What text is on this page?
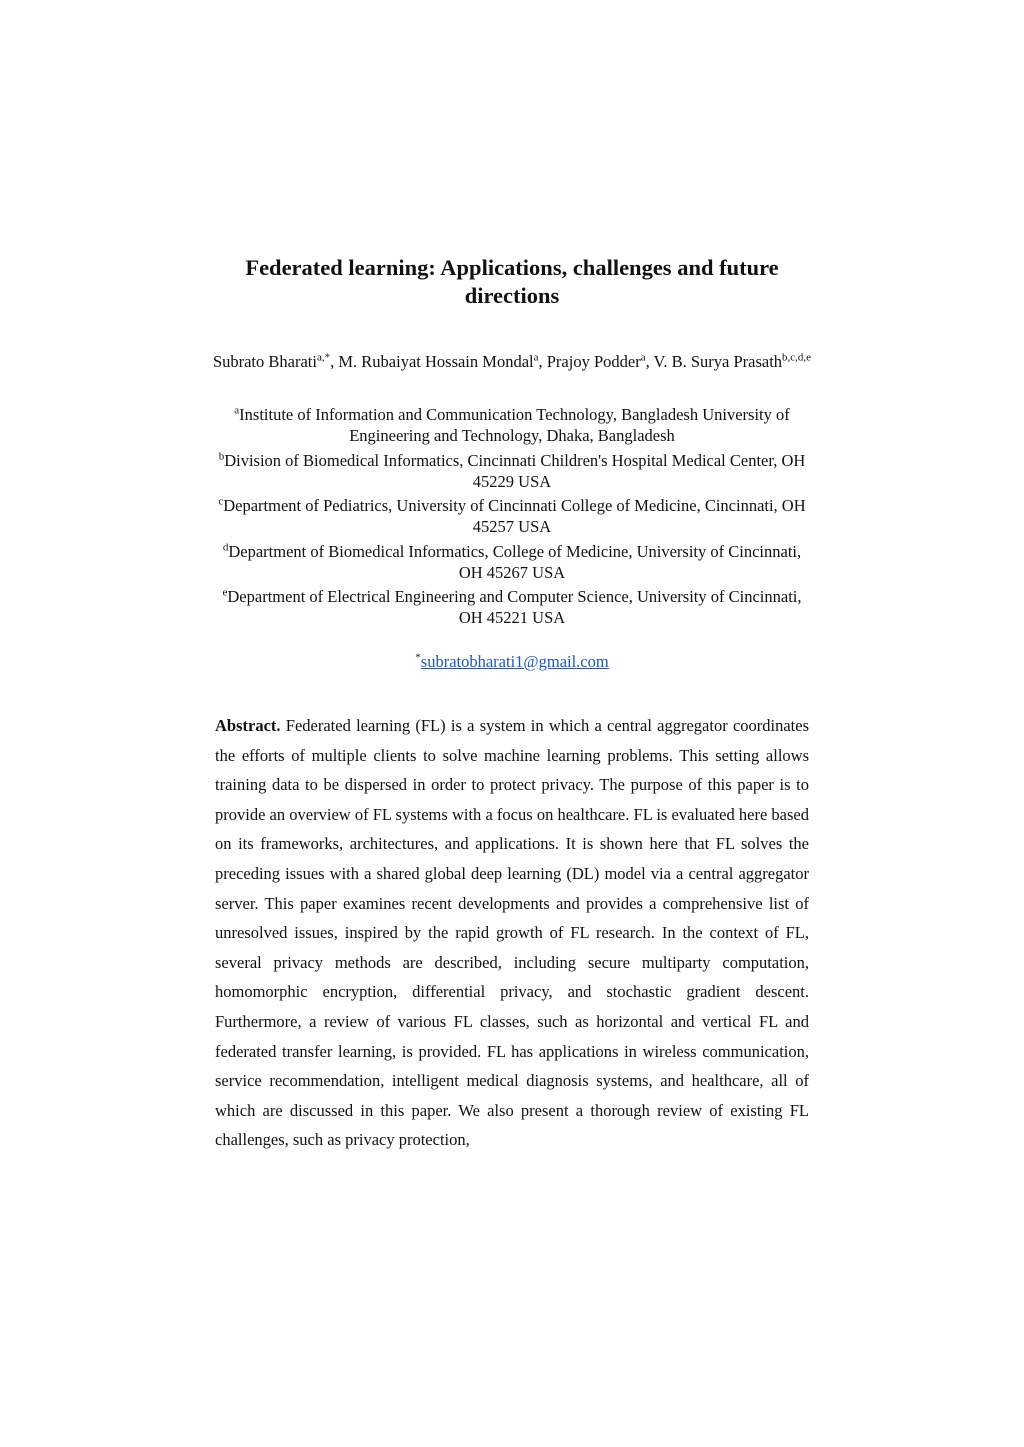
Federated learning: Applications, challenges and future directions
Subrato Bharati$^{a,*}$, M. Rubaiyat Hossain Mondal$^a$, Prajoy Podder$^a$, V. B. Surya Prasath$^{b,c,d,e}$
$^a$Institute of Information and Communication Technology, Bangladesh University of Engineering and Technology, Dhaka, Bangladesh
$^b$Division of Biomedical Informatics, Cincinnati Children's Hospital Medical Center, OH 45229 USA
$^c$Department of Pediatrics, University of Cincinnati College of Medicine, Cincinnati, OH 45257 USA
$^d$Department of Biomedical Informatics, College of Medicine, University of Cincinnati, OH 45267 USA
$^e$Department of Electrical Engineering and Computer Science, University of Cincinnati, OH 45221 USA
*subratobharati1@gmail.com

Abstract. Federated learning (FL) is a system in which a central aggregator coordinates the efforts of multiple clients to solve machine learning problems. This setting allows training data to be dispersed in order to protect privacy. The purpose of this paper is to provide an overview of FL systems with a focus on healthcare. FL is evaluated here based on its frameworks, architectures, and applications. It is shown here that FL solves the preceding issues with a shared global deep learning (DL) model via a central aggregator server. This paper examines recent developments and provides a comprehensive list of unresolved issues, inspired by the rapid growth of FL research. In the context of FL, several privacy methods are described, including secure multiparty computation, homomorphic encryption, differential privacy, and stochastic gradient descent. Furthermore, a review of various FL classes, such as horizontal and vertical FL and federated transfer learning, is provided. FL has applications in wireless communication, service recommendation, intelligent medical diagnosis systems, and healthcare, all of which are discussed in this paper. We also present a thorough review of existing FL challenges, such as privacy protection,
